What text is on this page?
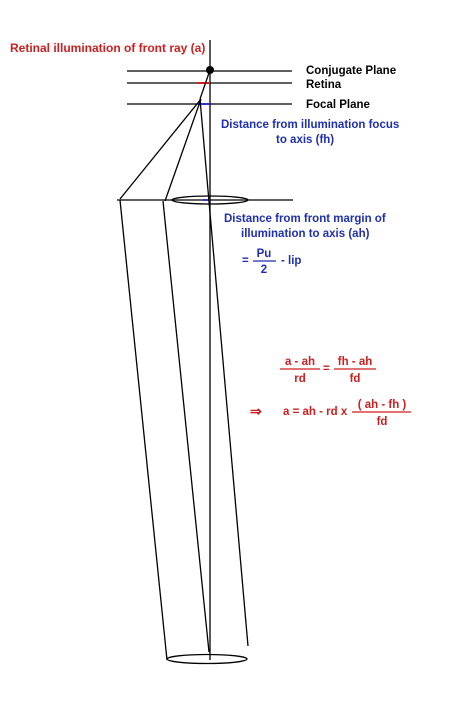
Retinal illumination of front ray (a)
Conjugate Plane
Retina
Focal Plane
Distance from illumination focus
to axis (fh)
Distance from front margin of
illumination to axis (ah)
=
Pu
2
- lip
a - ah
rd
=
fh - ah
fd
⇒ a = ah - rd x
( ah - fh )
fd
